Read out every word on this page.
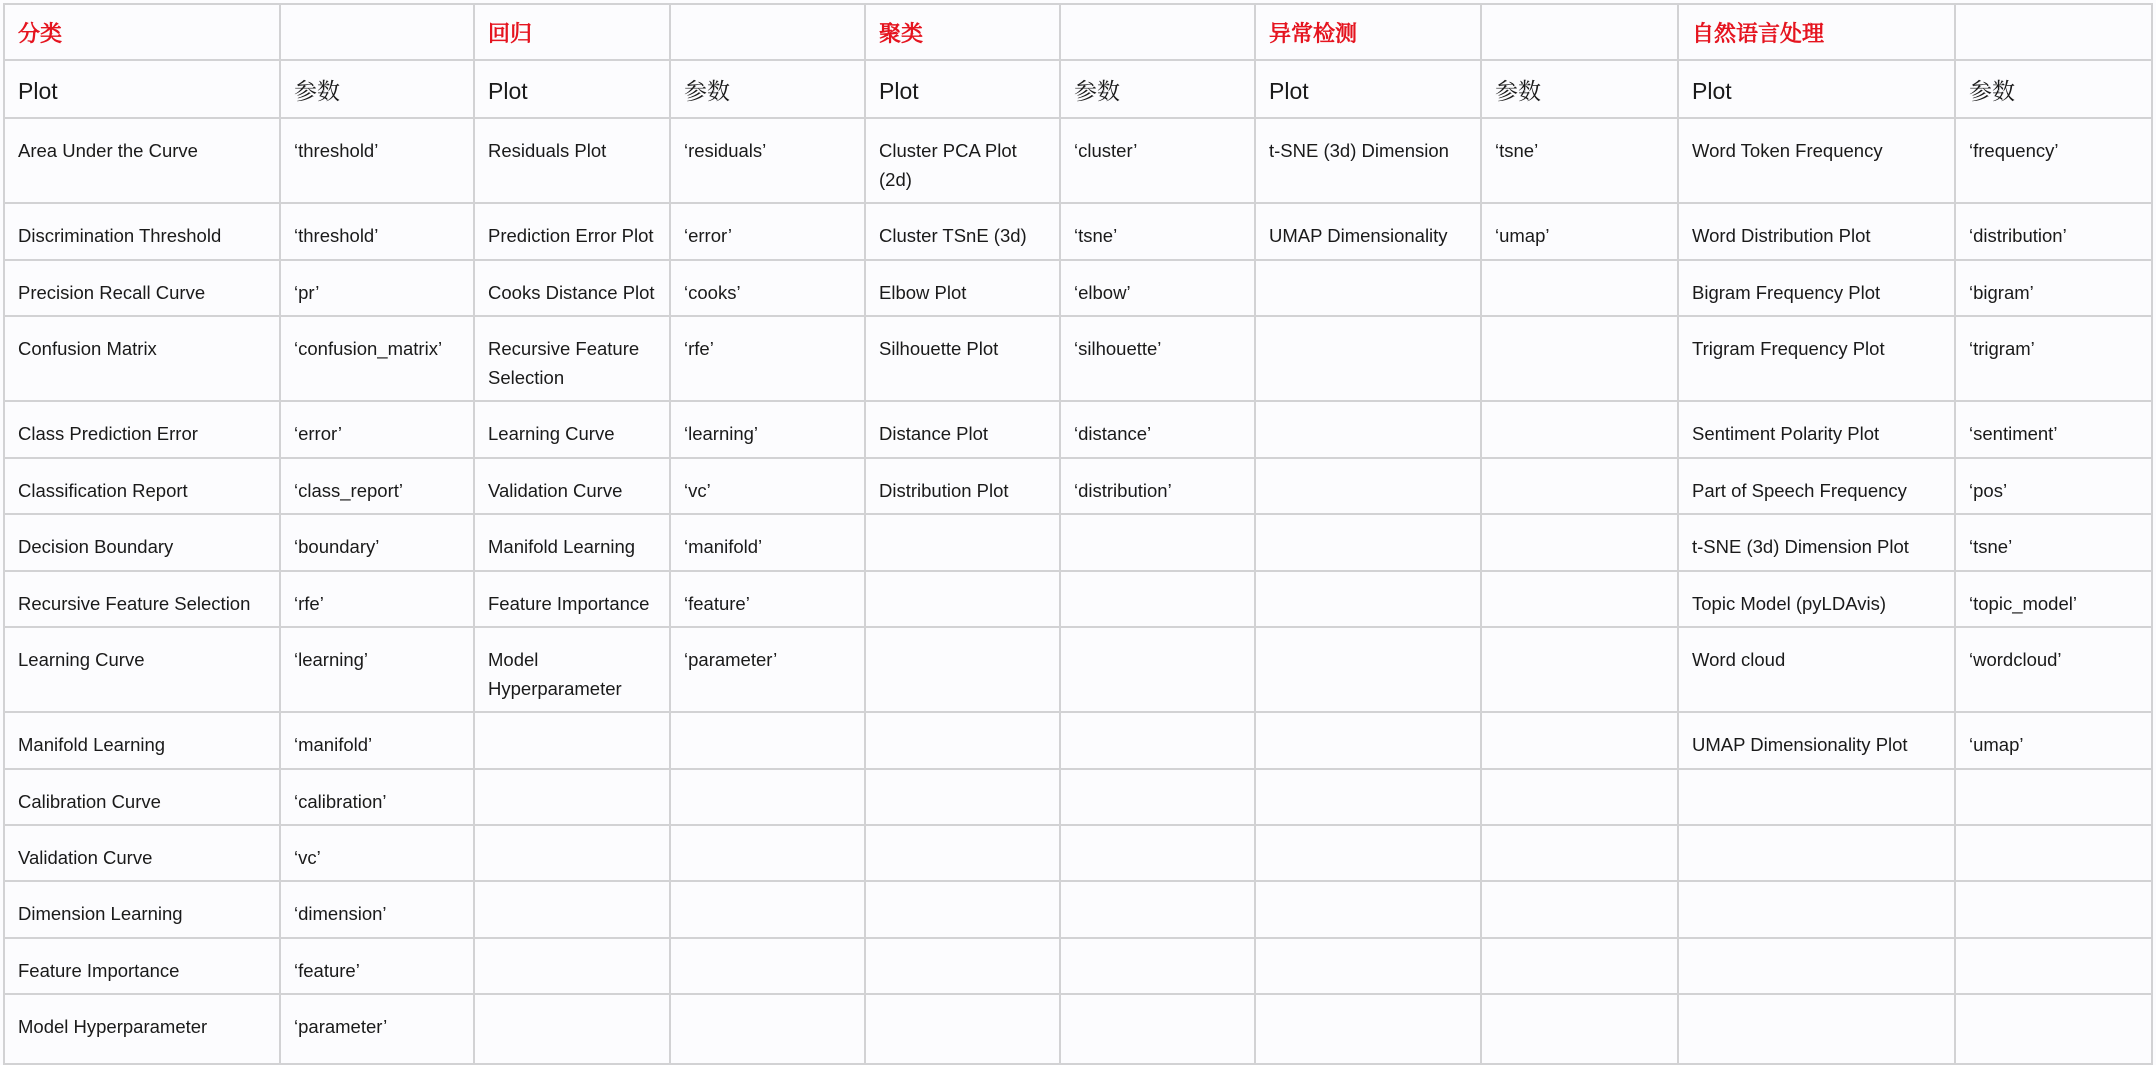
分类		回归		聚类		异常检测		自然语言处理	
Plot	参数	Plot	参数	Plot	参数	Plot	参数	Plot	参数
Area Under the Curve	‘threshold’	Residuals Plot	‘residuals’	Cluster PCA Plot (2d)	‘cluster’	t-SNE (3d) Dimension	‘tsne’	Word Token Frequency	‘frequency’
Discrimination Threshold	‘threshold’	Prediction Error Plot	‘error’	Cluster TSnE (3d)	‘tsne’	UMAP Dimensionality	‘umap’	Word Distribution Plot	‘distribution’
Precision Recall Curve	‘pr’	Cooks Distance Plot	‘cooks’	Elbow Plot	‘elbow’			Bigram Frequency Plot	‘bigram’
Confusion Matrix	‘confusion_matrix’	Recursive Feature Selection	‘rfe’	Silhouette Plot	‘silhouette’			Trigram Frequency Plot	‘trigram’
Class Prediction Error	‘error’	Learning Curve	‘learning’	Distance Plot	‘distance’			Sentiment Polarity Plot	‘sentiment’
Classification Report	‘class_report’	Validation Curve	‘vc’	Distribution Plot	‘distribution’			Part of Speech Frequency	‘pos’
Decision Boundary	‘boundary’	Manifold Learning	‘manifold’					t-SNE (3d) Dimension Plot	‘tsne’
Recursive Feature Selection	‘rfe’	Feature Importance	‘feature’					Topic Model (pyLDAvis)	‘topic_model’
Learning Curve	‘learning’	Model Hyperparameter	‘parameter’					Word cloud	‘wordcloud’
Manifold Learning	‘manifold’							UMAP Dimensionality Plot	‘umap’
Calibration Curve	‘calibration’								
Validation Curve	‘vc’								
Dimension Learning	‘dimension’								
Feature Importance	‘feature’								
Model Hyperparameter	‘parameter’								
